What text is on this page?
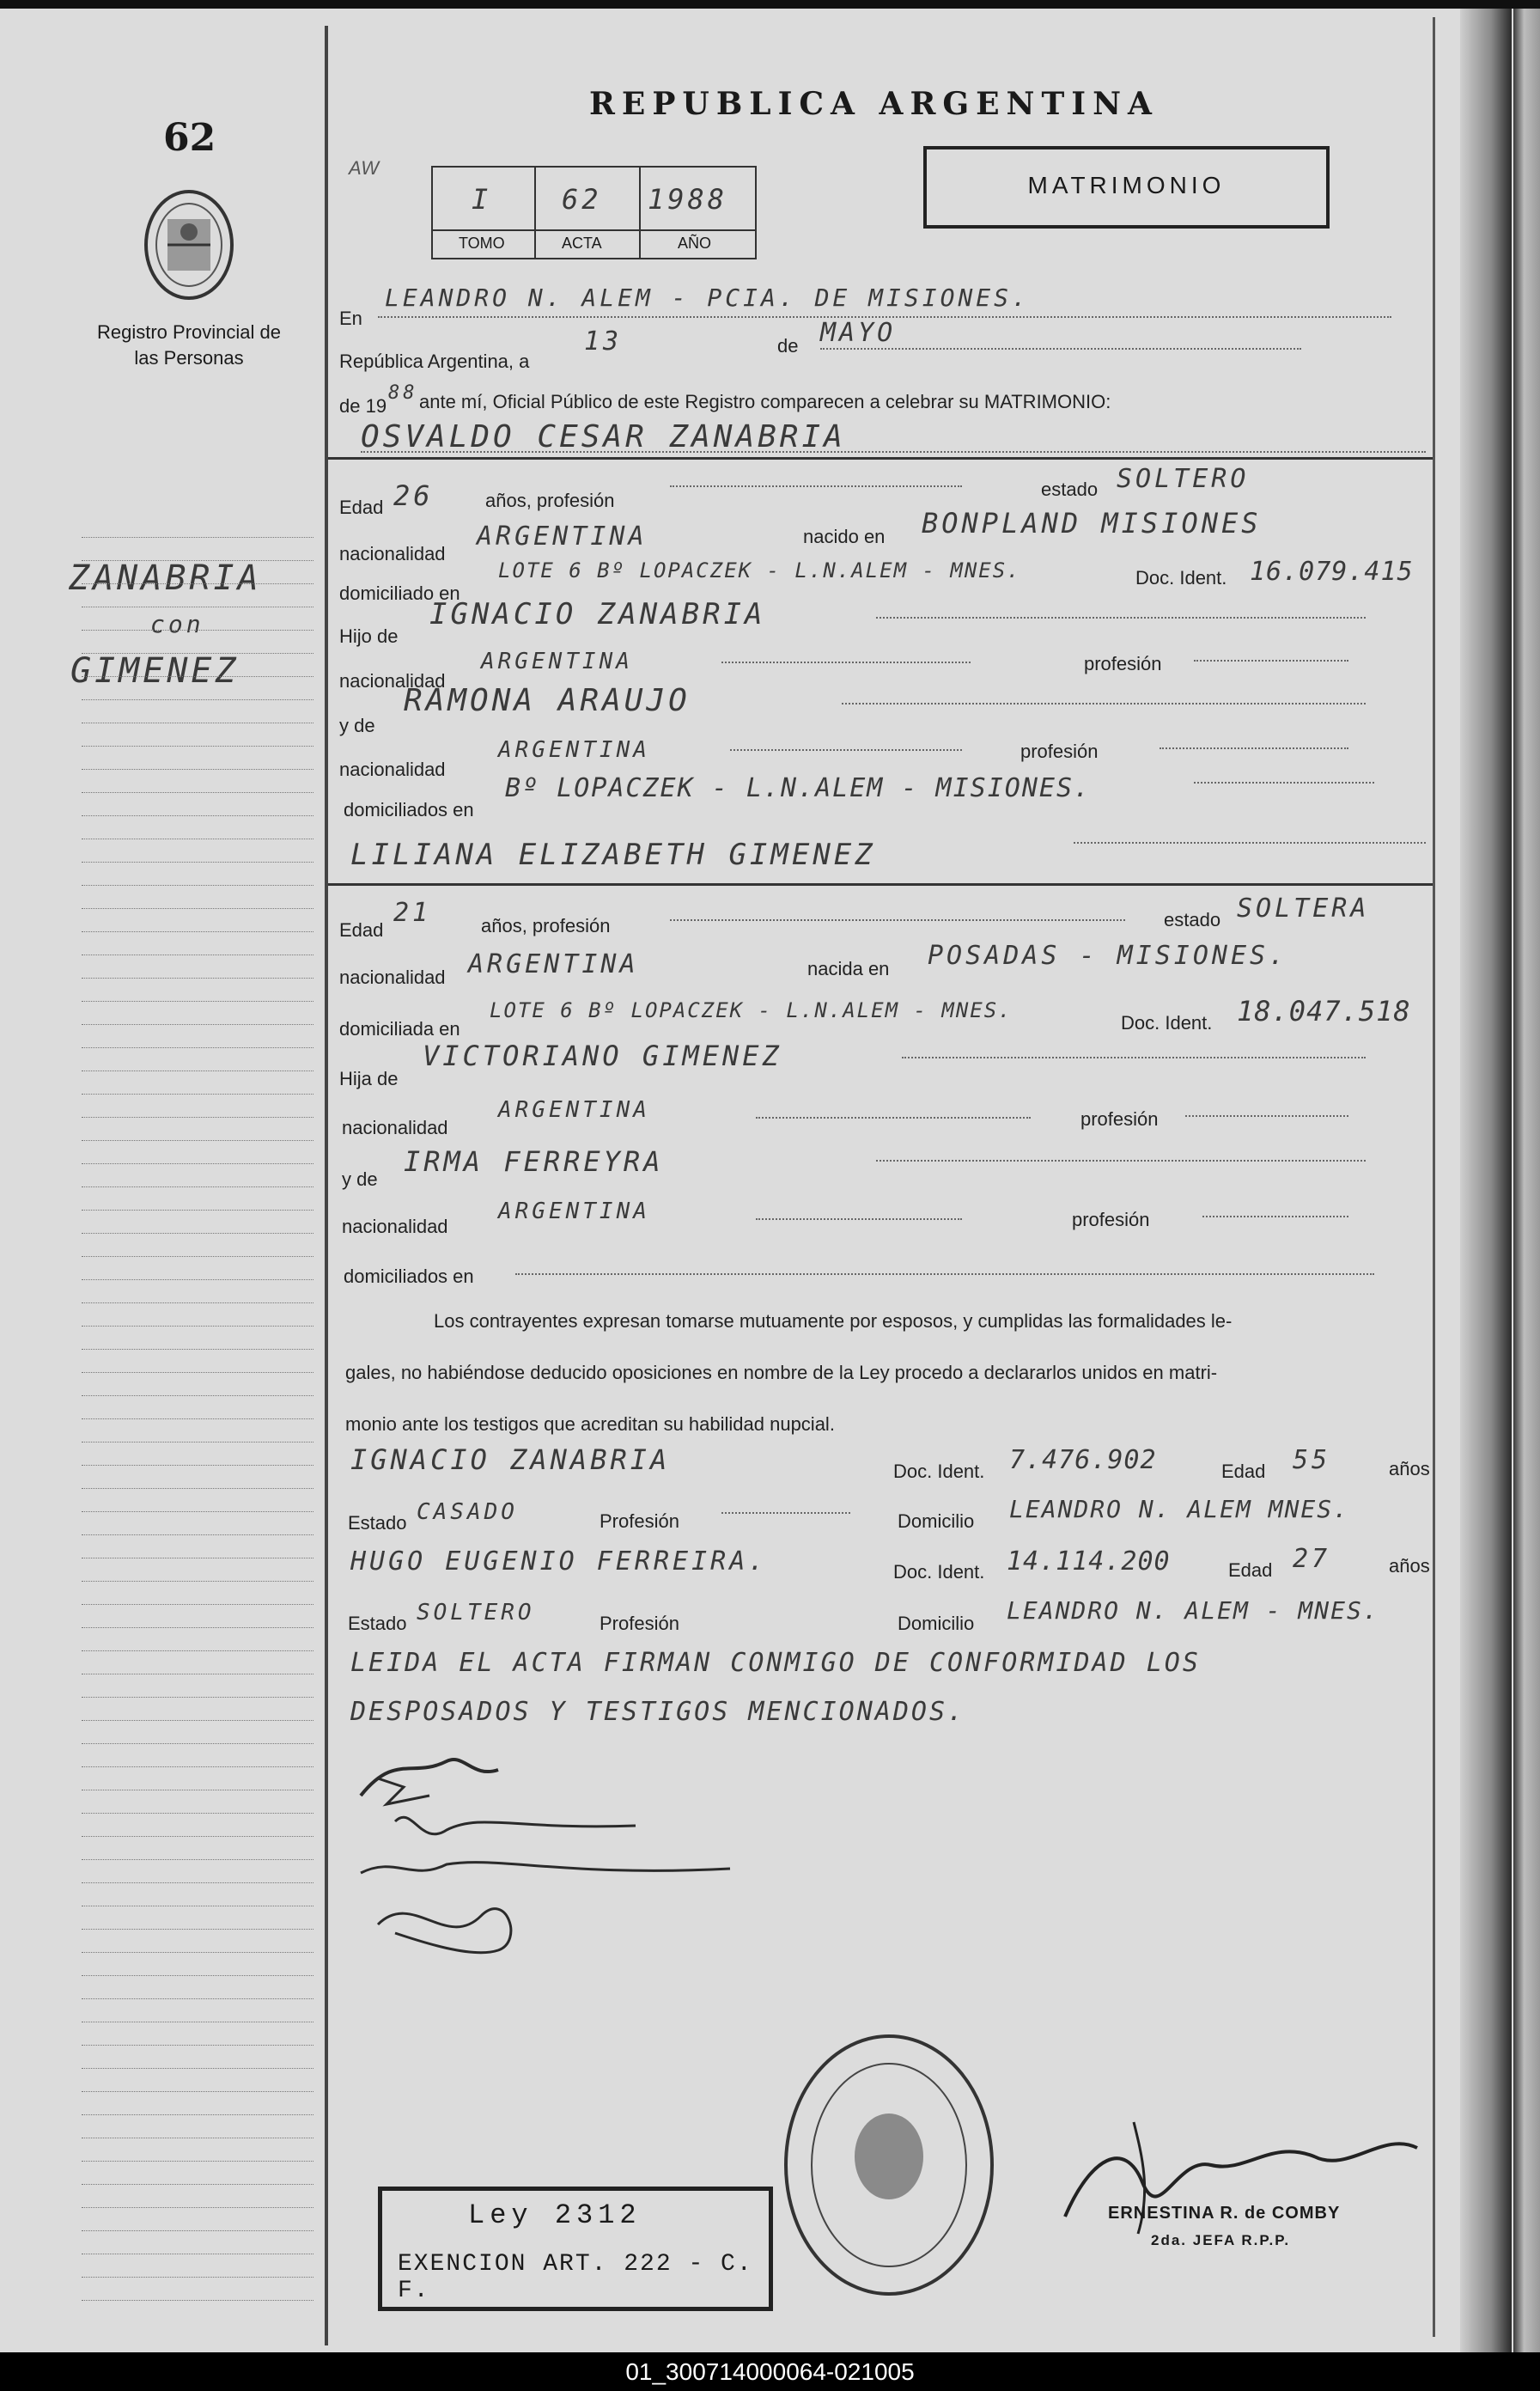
62
Registro Provincial de las Personas
ZANABRIA
con
GIMENEZ
REPUBLICA ARGENTINA
AW
MATRIMONIO
I	62 1988
TOMO	ACTA	AÑO
En
LEANDRO N. ALEM - PCIA. DE MISIONES.
República Argentina, a
13	de MAYO
de 19
88 ante mí, Oficial Público de este Registro comparecen a celebrar su MATRIMONIO:
OSVALDO CESAR ZANABRIA
Edad 26	años, profesión
estado SOLTERO
nacionalidad
ARGENTINA	nacido en BONPLAND MISIONES
domiciliado en
LOTE 6 Bº LOPACZEK - L.N.ALEM - MNES.	Doc. Ident. 16.079.415
Hijo de
IGNACIO ZANABRIA
nacionalidad
ARGENTINA	profesión
y de
RAMONA ARAUJO
nacionalidad
ARGENTINA	profesión
domiciliados en
Bº LOPACZEK - L.N.ALEM - MISIONES.
LILIANA ELIZABETH GIMENEZ
Edad
21	años, profesión	estado SOLTERA
nacionalidad ARGENTINA	nacida en POSADAS - MISIONES.
domiciliada en
LOTE 6 Bº LOPACZEK - L.N.ALEM - MNES.
Doc. Ident. 18.047.518
Hija de
VICTORIANO GIMENEZ
nacionalidad
ARGENTINA	profesión
y de
IRMA FERREYRA
nacionalidad
ARGENTINA	profesión
domiciliados en
Los contrayentes expresan tomarse mutuamente por esposos, y cumplidas las formalidades le-
gales, no habiéndose deducido oposiciones en nombre de la Ley procedo a declararlos unidos en matri-
monio ante los testigos que acreditan su habilidad nupcial.
IGNACIO ZANABRIA	Doc. Ident. 7.476.902	Edad 55	años
Estado CASADO	Profesión	Domicilio LEANDRO N. ALEM MNES.
HUGO EUGENIO FERREIRA.	Doc. Ident. 14.114.200	Edad 27	años
Estado SOLTERO	Profesión	Domicilio LEANDRO N. ALEM - MNES.
LEIDA EL ACTA FIRMAN CONMIGO DE CONFORMIDAD LOS
DESPOSADOS Y TESTIGOS MENCIONADOS.
ERNESTINA R. de COMBY
2da. JEFA R.P.P.
Ley 2312
EXENCION ART. 222 - C. F.
01_300714000064-021005
